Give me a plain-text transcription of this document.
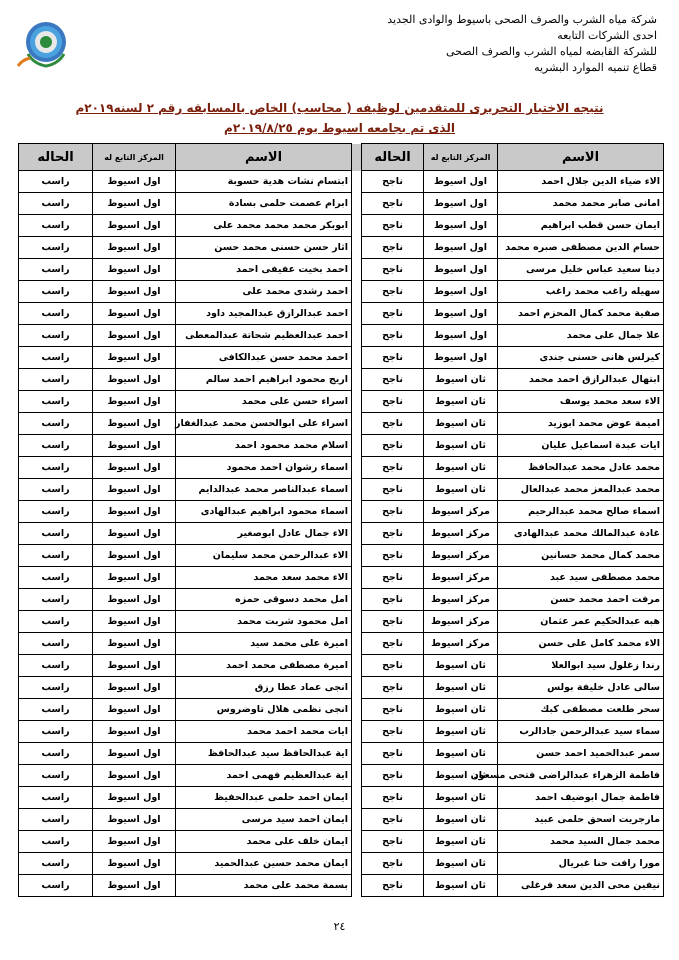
شركة مياه الشرب والصرف الصحى باسيوط والوادى الجديد
احدى الشركات التابعه
للشركة القابضه لمياه الشرب والصرف الصحى
قطاع تنميه الموارد البشريه
نتيجه الاختبار التحريرى للمتقدمين لوظيفه ( محاسب) الخاص بالمسابقه رقم ٢ لسنه٢٠١٩م
الذى تم بجامعه اسيوط يوم ٢٠١٩/٨/٢٥م
الاسم	المركز التابع له	الحاله		الاسم	المركز التابع له	الحاله
الاء ضياء الدين جلال احمد	اول اسيوط	ناجح		ابتسام نشات هدية حسوبة	اول اسيوط	راسب
امانى صابر محمد محمد	اول اسيوط	ناجح		ابرام عصمت حلمى بسادة	اول اسيوط	راسب
ايمان حسن قطب ابراهيم	اول اسيوط	ناجح		ابوبكر محمد محمد محمد على	اول اسيوط	راسب
حسام الدين مصطفى صبره محمد	اول اسيوط	ناجح		اثار حسن حسنى محمد حسن	اول اسيوط	راسب
دينا سعيد عباس خليل مرسى	اول اسيوط	ناجح		احمد بخيت عفيفى احمد	اول اسيوط	راسب
سهيله راغب محمد راغب	اول اسيوط	ناجح		احمد رشدى محمد على	اول اسيوط	راسب
صفية محمد كمال المحزم احمد	اول اسيوط	ناجح		احمد عبدالرازق عبدالمجيد داود	اول اسيوط	راسب
علا جمال على محمد	اول اسيوط	ناجح		احمد عبدالعظيم شحاتة عبدالمعطى	اول اسيوط	راسب
كيرلس هانى حسنى جندى	اول اسيوط	ناجح		احمد محمد حسن عبدالكافى	اول اسيوط	راسب
ابتهال عبدالرازق احمد محمد	ثان اسيوط	ناجح		اريج محمود ابراهيم احمد سالم	اول اسيوط	راسب
الاء سعد محمد يوسف	ثان اسيوط	ناجح		اسراء حسن على محمد	اول اسيوط	راسب
اميمة عوض محمد ابوزيد	ثان اسيوط	ناجح		اسراء على ابوالحسن محمد عبدالغفار	اول اسيوط	راسب
ايات عبدة اسماعيل عليان	ثان اسيوط	ناجح		اسلام محمد محمود احمد	اول اسيوط	راسب
محمد عادل محمد عبدالحافظ	ثان اسيوط	ناجح		اسماء رشوان احمد محمود	اول اسيوط	راسب
محمد عبدالمعز محمد عبدالعال	ثان اسيوط	ناجح		اسماء عبدالناصر محمد عبدالدايم	اول اسيوط	راسب
اسماء صالح محمد عبدالرحيم	مركز اسيوط	ناجح		اسماء محمود ابراهيم عبدالهادى	اول اسيوط	راسب
غادة عبدالمالك محمد عبدالهادى	مركز اسيوط	ناجح		الاء جمال عادل ابوصغير	اول اسيوط	راسب
محمد كمال محمد حسانين	مركز اسيوط	ناجح		الاء عبدالرحمن محمد سليمان	اول اسيوط	راسب
محمد مصطفى سيد عبد	مركز اسيوط	ناجح		الاء محمد سعد محمد	اول اسيوط	راسب
مرفت احمد محمد حسن	مركز اسيوط	ناجح		امل محمد دسوقى حمزه	اول اسيوط	راسب
هبه عبدالحكيم عمر عثمان	مركز اسيوط	ناجح		امل محمود شربت محمد	اول اسيوط	راسب
الاء محمد كامل على حسن	مركز اسيوط	ناجح		اميرة على محمد سيد	اول اسيوط	راسب
رندا زغلول سيد ابوالعلا	ثان اسيوط	ناجح		اميرة مصطفى محمد احمد	اول اسيوط	راسب
سالى عادل خليفة بولس	ثان اسيوط	ناجح		انجى عماد عطا رزق	اول اسيوط	راسب
سحر طلعت مصطفى كبك	ثان اسيوط	ناجح		انجى نظمى هلال تاوضروس	اول اسيوط	راسب
سماء سيد عبدالرحمن جادالرب	ثان اسيوط	ناجح		ايات محمد احمد محمد	اول اسيوط	راسب
سمر عبدالحميد احمد حسن	ثان اسيوط	ناجح		اية عبدالحافظ سيد عبدالحافظ	اول اسيوط	راسب
فاطمة الزهراء عبدالراضى فتحى مسعود	ثان اسيوط	ناجح		اية عبدالعظيم فهمى احمد	اول اسيوط	راسب
فاطمة جمال ابوضيف احمد	ثان اسيوط	ناجح		ايمان احمد حلمى عبدالحفيظ	اول اسيوط	راسب
مارجريت اسحق حلمى عبيد	ثان اسيوط	ناجح		ايمان احمد سيد مرسى	اول اسيوط	راسب
محمد جمال السيد محمد	ثان اسيوط	ناجح		ايمان خلف على محمد	اول اسيوط	راسب
مورا رافت حنا غبريال	ثان اسيوط	ناجح		ايمان محمد حسين عبدالحميد	اول اسيوط	راسب
نيفين محى الدين سعد فرغلى	ثان اسيوط	ناجح		بسمة محمد على محمد	اول اسيوط	راسب
٢٤
